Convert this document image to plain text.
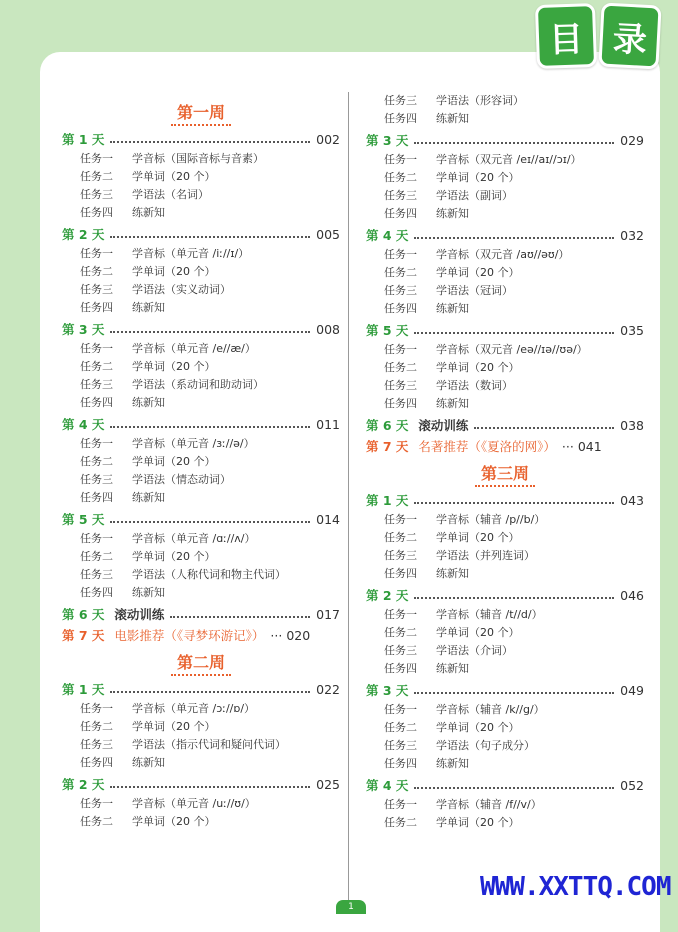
第一周
第 1 天	002
任务一 学音标（国际音标与音素）
任务二 学单词（20 个）
任务三 学语法（名词）
任务四 练新知
第 2 天	005
任务一 学音标（单元音 /iː//ɪ/）
任务二 学单词（20 个）
任务三 学语法（实义动词）
任务四 练新知
第 3 天	008
任务一 学音标（单元音 /e//æ/）
任务二 学单词（20 个）
任务三 学语法（系动词和助动词）
任务四 练新知
第 4 天	011
任务一 学音标（单元音 /ɜː//ə/）
任务二 学单词（20 个）
任务三 学语法（情态动词）
任务四 练新知
第 5 天	014
任务一 学音标（单元音 /ɑː//ʌ/）
任务二 学单词（20 个）
任务三 学语法（人称代词和物主代词）
任务四 练新知
第 6 天 滚动训练	017
第 7 天 电影推荐（《寻梦环游记》） ··· 020
第二周
第 1 天	022
任务一 学音标（单元音 /ɔː//ɒ/）
任务二 学单词（20 个）
任务三 学语法（指示代词和疑问代词）
任务四 练新知
第 2 天	025
任务一 学音标（单元音 /uː//ʊ/）
任务二 学单词（20 个）
任务三 学语法（形容词）
任务四 练新知
第 3 天	029
任务一 学音标（双元音 /eɪ//aɪ//ɔɪ/）
任务二 学单词（20 个）
任务三 学语法（副词）
任务四 练新知
第 4 天	032
任务一 学音标（双元音 /aʊ//əʊ/）
任务二 学单词（20 个）
任务三 学语法（冠词）
任务四 练新知
第 5 天	035
任务一 学音标（双元音 /eə//ɪə//ʊə/）
任务二 学单词（20 个）
任务三 学语法（数词）
任务四 练新知
第 6 天 滚动训练	038
第 7 天 名著推荐（《夏洛的网》） ··· 041
第三周
第 1 天	043
任务一 学音标（辅音 /p//b/）
任务二 学单词（20 个）
任务三 学语法（并列连词）
任务四 练新知
第 2 天	046
任务一 学音标（辅音 /t//d/）
任务二 学单词（20 个）
任务三 学语法（介词）
任务四 练新知
第 3 天	049
任务一 学音标（辅音 /k//g/）
任务二 学单词（20 个）
任务三 学语法（句子成分）
任务四 练新知
第 4 天	052
任务一 学音标（辅音 /f//v/）
任务二 学单词（20 个）
目 录
1
WWW.XXTTQ.COM
